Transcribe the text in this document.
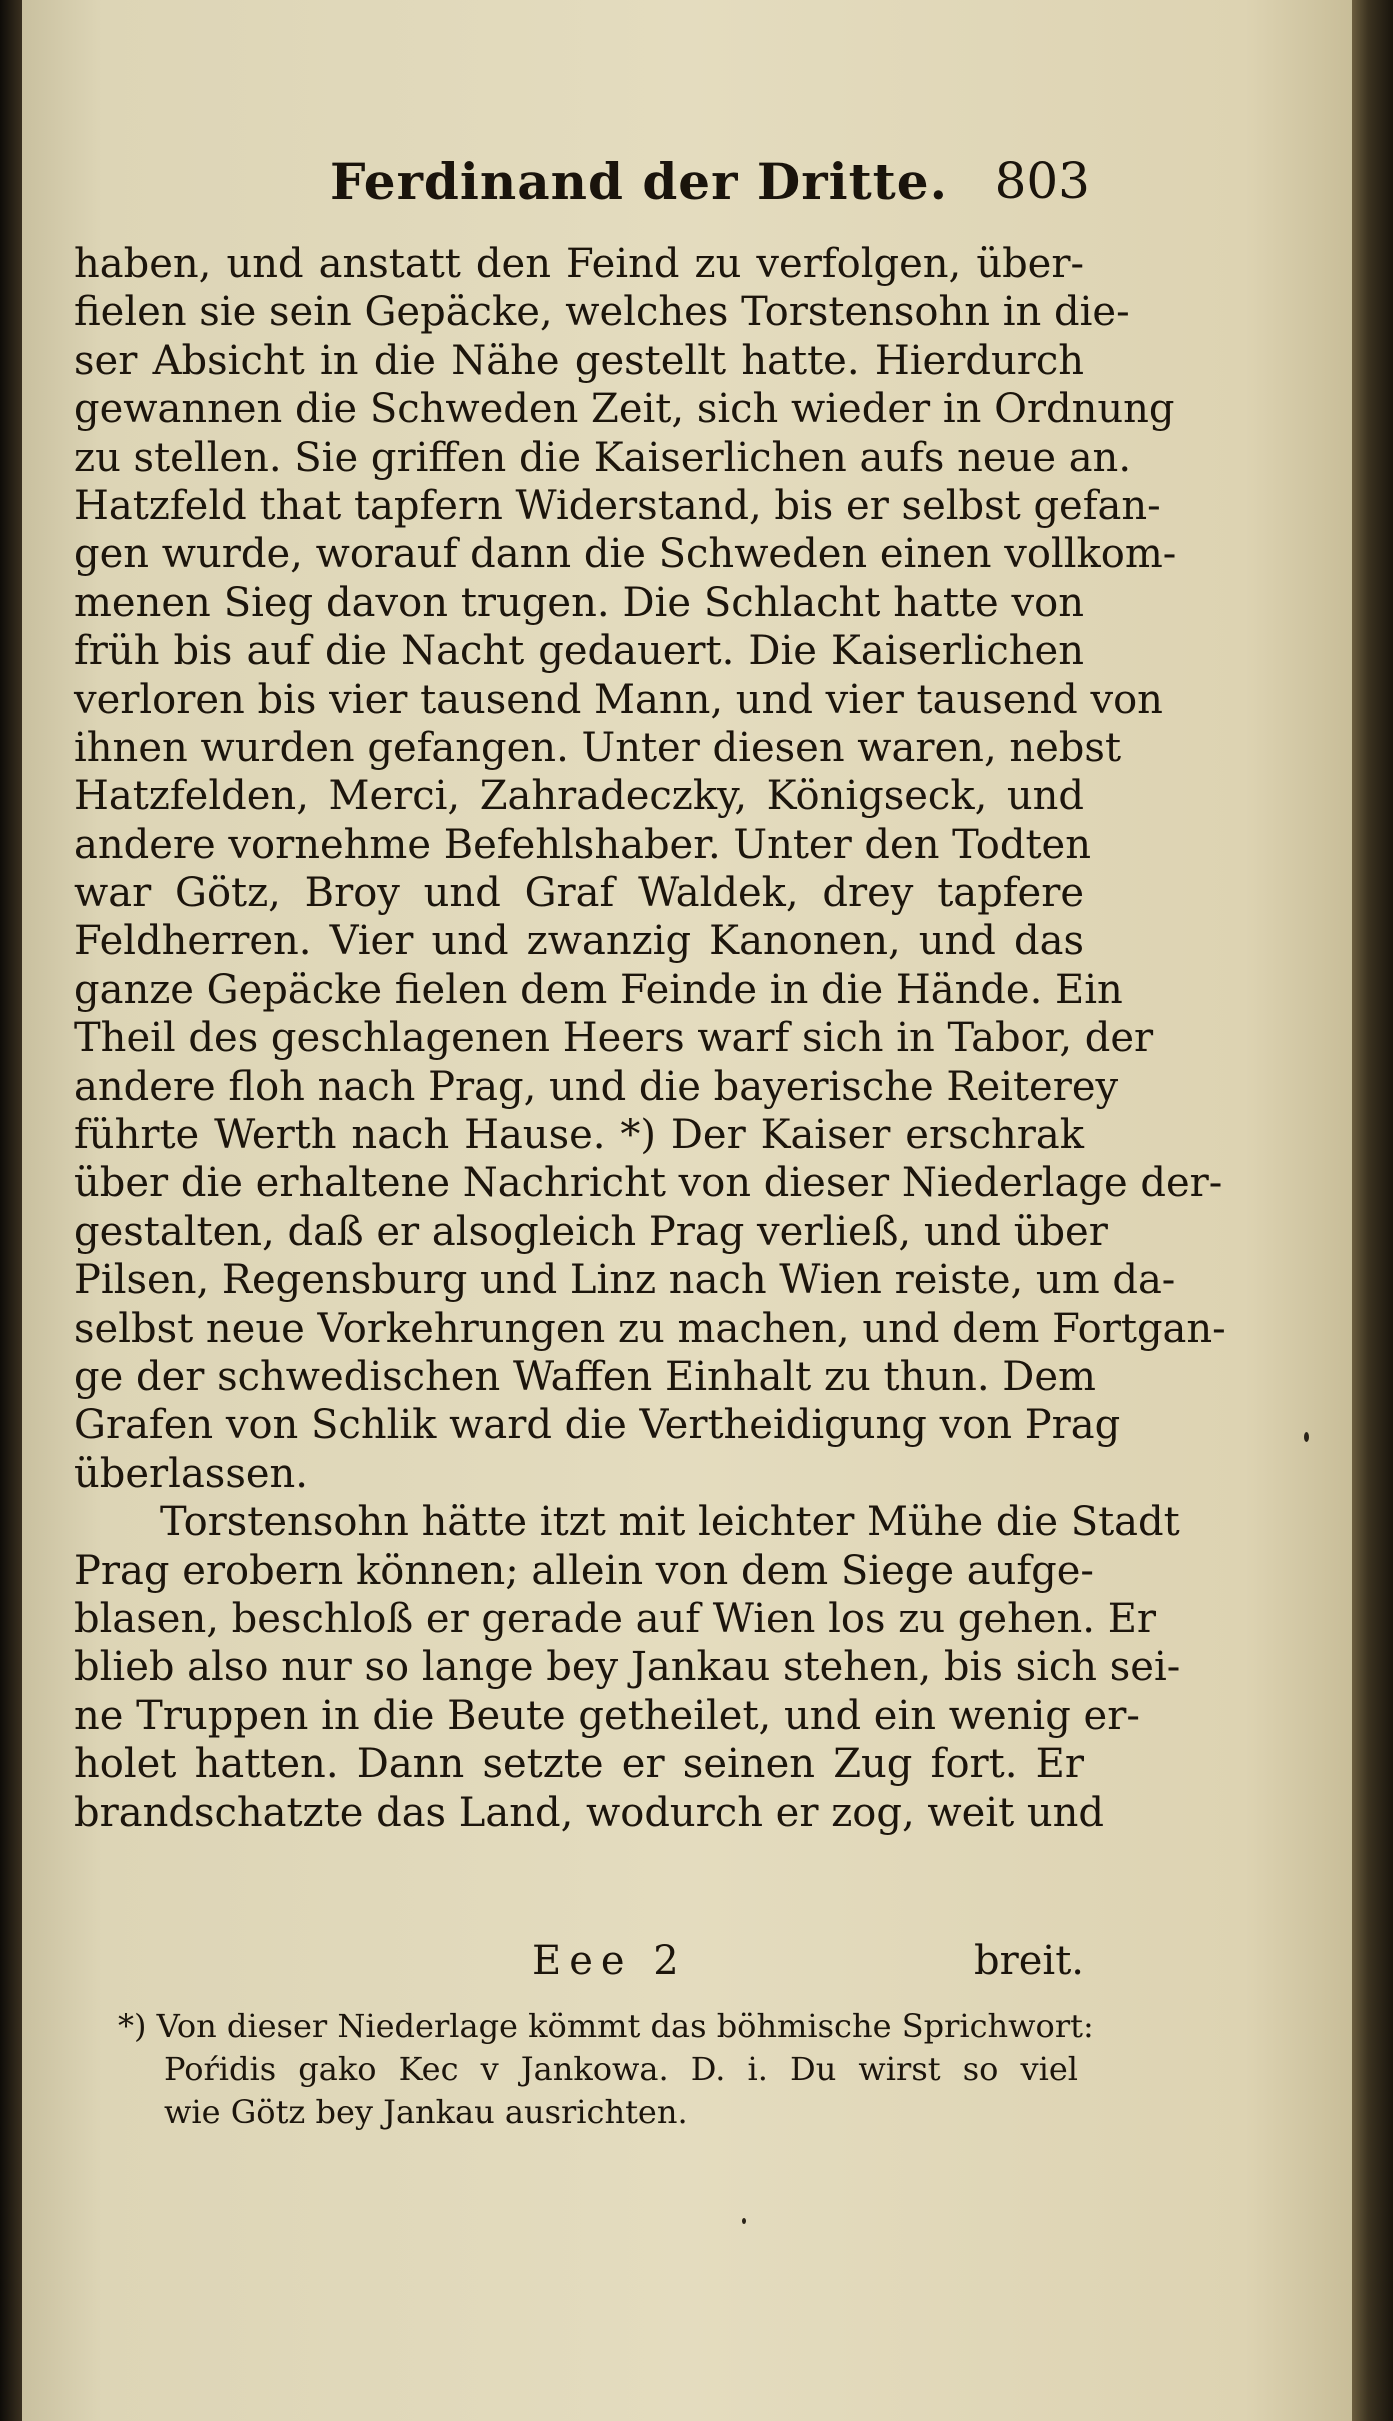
Ferdinand der Dritte. 803
haben, und anstatt den Feind zu verfolgen, über-
fielen sie sein Gepäcke, welches Torstensohn in die-
ser Absicht in die Nähe gestellt hatte. Hierdurch
gewannen die Schweden Zeit, sich wieder in Ordnung
zu stellen. Sie griffen die Kaiserlichen aufs neue an.
Hatzfeld that tapfern Widerstand, bis er selbst gefan-
gen wurde, worauf dann die Schweden einen vollkom-
menen Sieg davon trugen. Die Schlacht hatte von
früh bis auf die Nacht gedauert. Die Kaiserlichen
verloren bis vier tausend Mann, und vier tausend von
ihnen wurden gefangen. Unter diesen waren, nebst
Hatzfelden, Merci, Zahradeczky, Königseck, und
andere vornehme Befehlshaber. Unter den Todten
war Götz, Broy und Graf Waldek, drey tapfere
Feldherren. Vier und zwanzig Kanonen, und das
ganze Gepäcke fielen dem Feinde in die Hände. Ein
Theil des geschlagenen Heers warf sich in Tabor, der
andere floh nach Prag, und die bayerische Reiterey
führte Werth nach Hause. *) Der Kaiser erschrak
über die erhaltene Nachricht von dieser Niederlage der-
gestalten, daß er alsogleich Prag verließ, und über
Pilsen, Regensburg und Linz nach Wien reiste, um da-
selbst neue Vorkehrungen zu machen, und dem Fortgan-
ge der schwedischen Waffen Einhalt zu thun. Dem
Grafen von Schlik ward die Vertheidigung von Prag
überlassen.
Torstensohn hätte itzt mit leichter Mühe die Stadt
Prag erobern können; allein von dem Siege aufge-
blasen, beschloß er gerade auf Wien los zu gehen. Er
blieb also nur so lange bey Jankau stehen, bis sich sei-
ne Truppen in die Beute getheilet, und ein wenig er-
holet hatten. Dann setzte er seinen Zug fort. Er
brandschatzte das Land, wodurch er zog, weit und
Eee 2	breit.
*) Von dieser Niederlage kömmt das böhmische Sprichwort:
Poŕidis gako Kec v Jankowa. D. i. Du wirst so viel
wie Götz bey Jankau ausrichten.
